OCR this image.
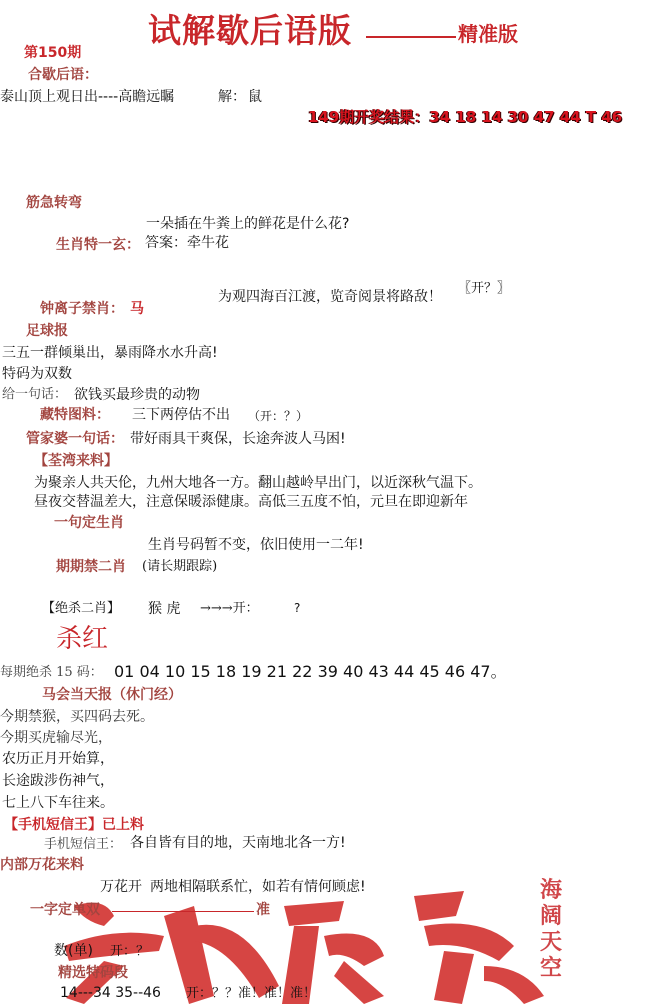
试解歇后语版	精准版
第150期
合歇后语：
泰山顶上观日出----高瞻远瞩	解： 鼠
149期开奖结果：34 18 14 30 47 44 T 46
筋急转弯
一朵插在牛粪上的鲜花是什么花?
生肖特一玄： 答案：牵牛花
为观四海百江渡，览奇阅景将路敌！
〖开？〗
钟离子禁肖： 马
足球报
三五一群倾巢出，暴雨降水水升高!
特码为双数
给一句话： 欲钱买最珍贵的动物
藏特图料： 三下两停估不出 （开：？）
管家婆一句话： 带好雨具干爽保，长途奔波人马困!
【荃湾来料】
为聚亲人共天伦，九州大地各一方。翻山越岭早出门，以近深秋气温下。
昼夜交替温差大，注意保暖添健康。高低三五度不怕，元旦在即迎新年
一句定生肖
生肖号码暂不变，依旧使用一二年!
期期禁二肖 (请长期跟踪)
【绝杀二肖】 猴 虎 →→→开：	?
杀红
每期绝杀 15 码： 01 04 10 15 18 19 21 22 39 40 43 44 45 46 47。
马会当天报（休门经）
今期禁猴，买四码去死。
今期买虎输尽光，
农历正月开始算，
长途跋涉伤神气，
七上八下车往来。
【手机短信王】已上料
手机短信王： 各自皆有目的地，天南地北各一方!
内部万花来料
万花开 两地相隔联系忙，如若有情何顾虑!	海
阔
天
空
一字定单双	准
数(单) 开：？
精选特码段
14---34 35--46 开：？？准！准！准！
